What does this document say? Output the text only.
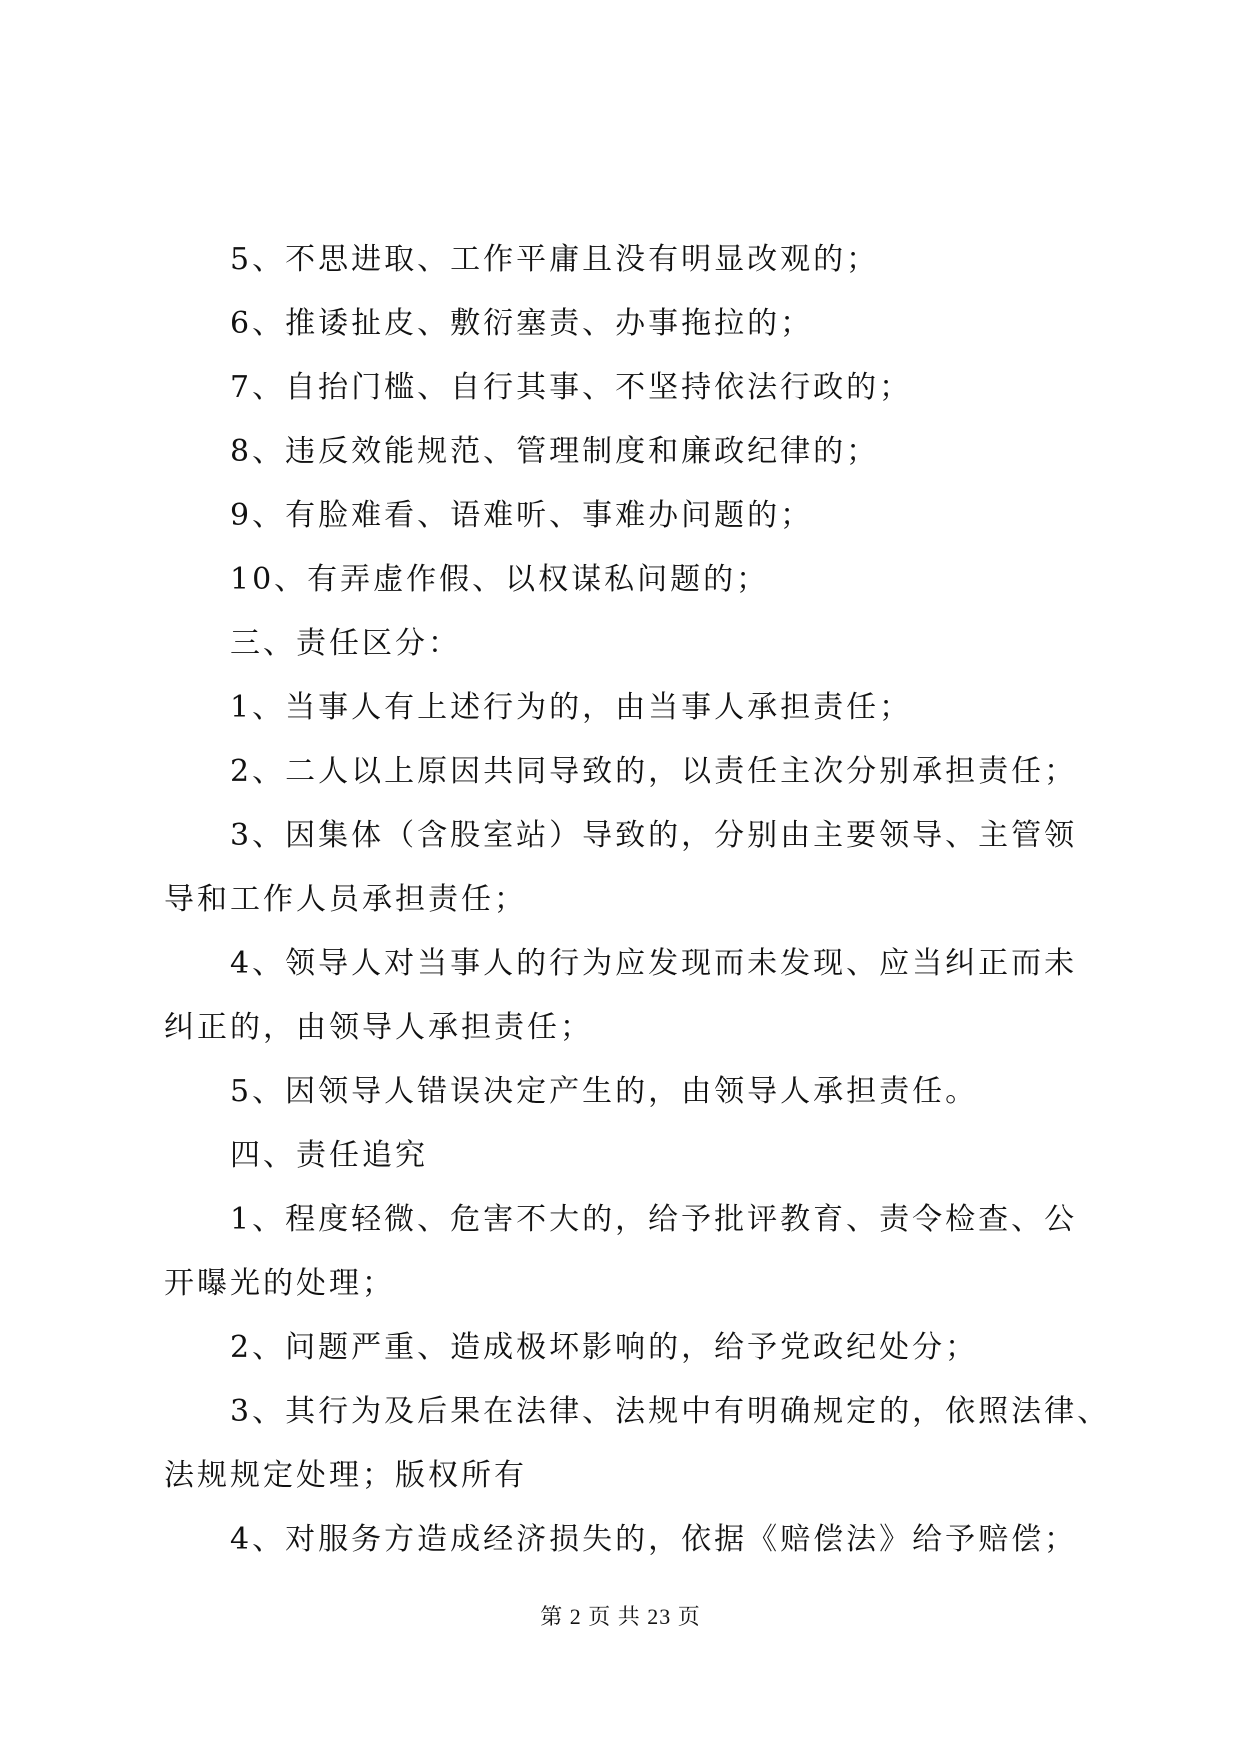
5、不思进取、工作平庸且没有明显改观的；
6、推诿扯皮、敷衍塞责、办事拖拉的；
7、自抬门槛、自行其事、不坚持依法行政的；
8、违反效能规范、管理制度和廉政纪律的；
9、有脸难看、语难听、事难办问题的；
10、有弄虚作假、以权谋私问题的；
三、责任区分：
1、当事人有上述行为的，由当事人承担责任；
2、二人以上原因共同导致的，以责任主次分别承担责任；
3、因集体（含股室站）导致的，分别由主要领导、主管领
导和工作人员承担责任；
4、领导人对当事人的行为应发现而未发现、应当纠正而未
纠正的，由领导人承担责任；
5、因领导人错误决定产生的，由领导人承担责任。
四、责任追究
1、程度轻微、危害不大的，给予批评教育、责令检查、公
开曝光的处理；
2、问题严重、造成极坏影响的，给予党政纪处分；
3、其行为及后果在法律、法规中有明确规定的，依照法律、
法规规定处理；版权所有
4、对服务方造成经济损失的，依据《赔偿法》给予赔偿；
第 2 页 共 23 页
